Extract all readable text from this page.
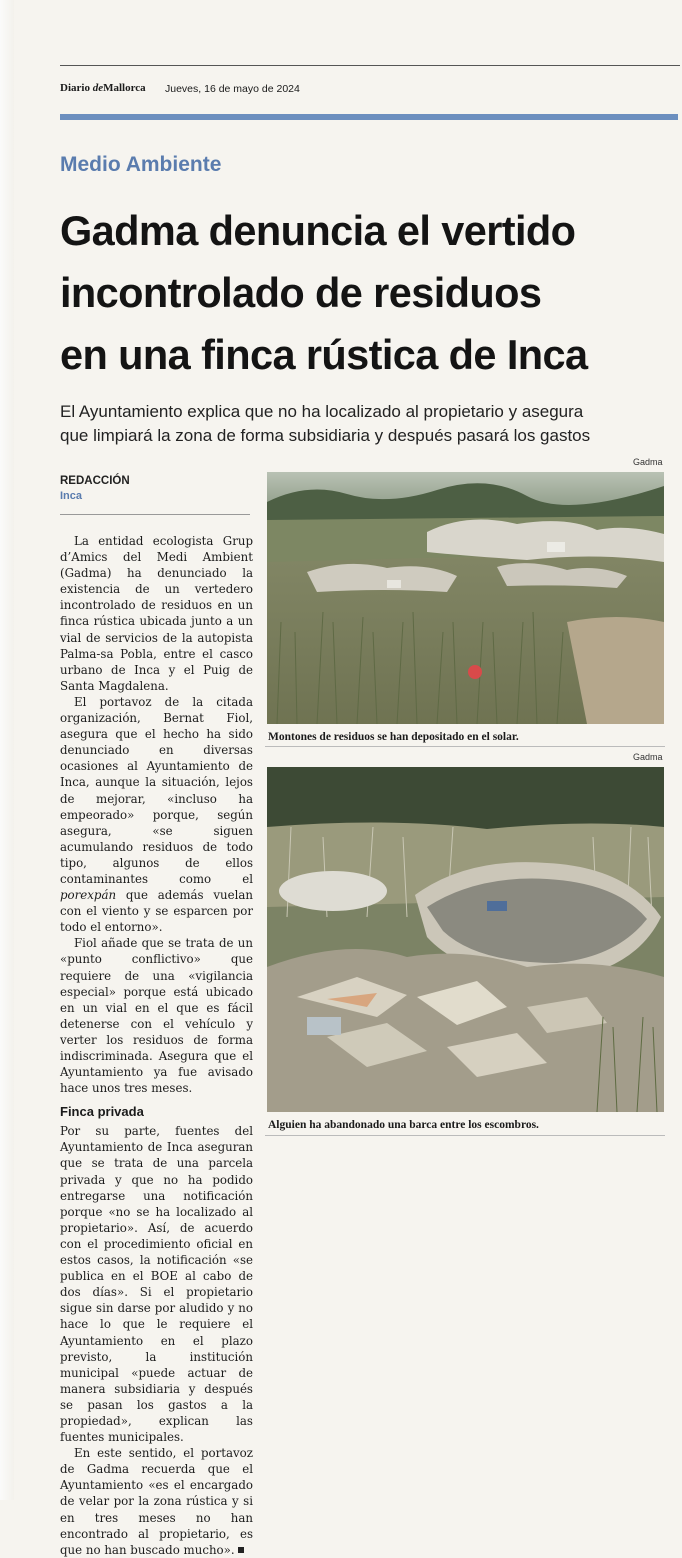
Diario deMallorca Jueves, 16 de mayo de 2024
Medio Ambiente
Gadma denuncia el vertido
incontrolado de residuos
en una finca rústica de Inca

El Ayuntamiento explica que no ha localizado al propietario y asegura
que limpiará la zona de forma subsidiaria y después pasará los gastos

REDACCIÓN
Inca

La entidad ecologista Grup d’Amics del Medi Ambient (Gadma) ha denunciado la existencia de un vertedero incontrolado de residuos en un finca rústica ubicada junto a un vial de servicios de la autopista Palma-sa Pobla, entre el casco urbano de Inca y el Puig de Santa Magdalena.

El portavoz de la citada organización, Bernat Fiol, asegura que el hecho ha sido denunciado en diversas ocasiones al Ayuntamiento de Inca, aunque la situación, lejos de mejorar, «incluso ha empeorado» porque, según asegura, «se siguen acumulando residuos de todo tipo, algunos de ellos contaminantes como el porexpán que además vuelan con el viento y se esparcen por todo el entorno».

Fiol añade que se trata de un «punto conflictivo» que requiere de una «vigilancia especial» porque está ubicado en un vial en el que es fácil detenerse con el vehículo y verter los residuos de forma indiscriminada. Asegura que el Ayuntamiento ya fue avisado hace unos tres meses.

Finca privada

Por su parte, fuentes del Ayuntamiento de Inca aseguran que se trata de una parcela privada y que no ha podido entregarse una notificación porque «no se ha localizado al propietario». Así, de acuerdo con el procedimiento oficial en estos casos, la notificación «se publica en el BOE al cabo de dos días». Si el propietario sigue sin darse por aludido y no hace lo que le requiere el Ayuntamiento en el plazo previsto, la institución municipal «puede actuar de manera subsidiaria y después se pasan los gastos a la propiedad», explican las fuentes municipales.

En este sentido, el portavoz de Gadma recuerda que el Ayuntamiento «es el encargado de velar por la zona rústica y si en tres meses no han encontrado al propietario, es que no han buscado mucho».

Gadma
Montones de residuos se han depositado en el solar.
Gadma
Alguien ha abandonado una barca entre los escombros.
